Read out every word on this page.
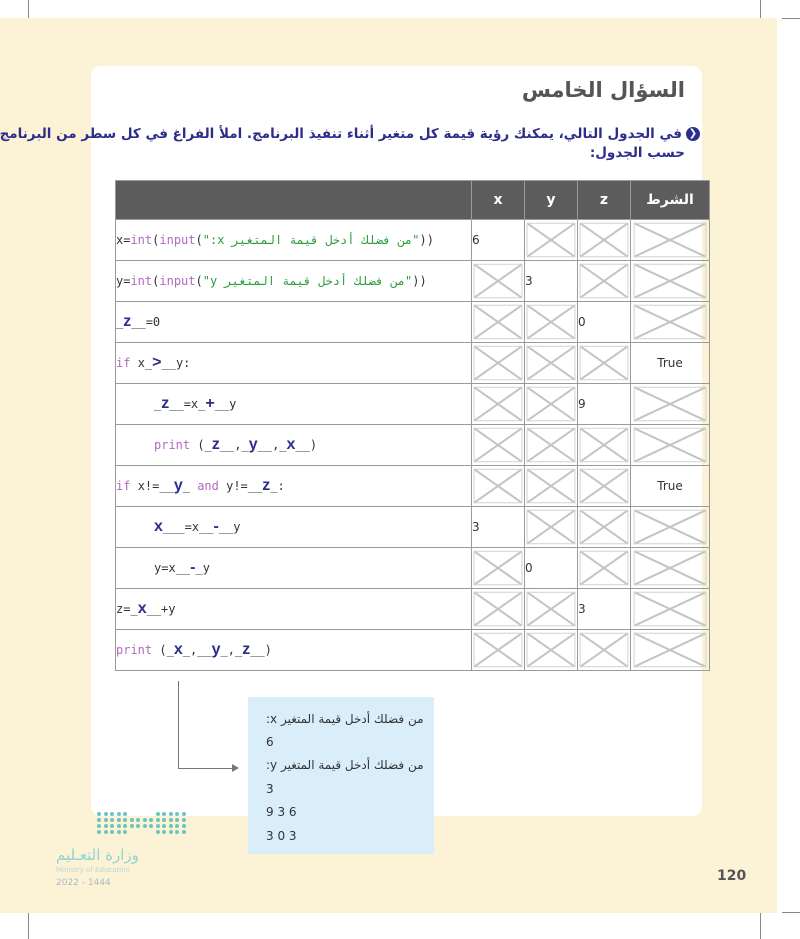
السؤال الخامس
❮في الجدول التالي، يمكنك رؤية قيمة كل متغير أثناء تنفيذ البرنامج. املأ الفراغ في كل سطر من البرنامج
حسب الجدول:
	x	y	z	الشرط
x=int(input("من فضلك أدخل قيمة المتغير x:"))	6	

y=int(input("من فضلك أدخل قيمة المتغير y"))		3	

_z__=0			0	

if x_>__y:				True
_z__=x_+__y			9	

print (_z__,_y__,_x__)	

if x!=__y_ and y!=__z_:				True
x___=x__-__y	3	

y=x__-_y		0	

z=_x__+y			3	

print (_x_,__y_,_z__)	

من فضلك أدخل قيمة المتغير x:
6
من فضلك أدخل قيمة المتغير y:
3
9 3 6
3 0 3
وزارة التعـليم
Ministry of Education
2022 - 1444	120
